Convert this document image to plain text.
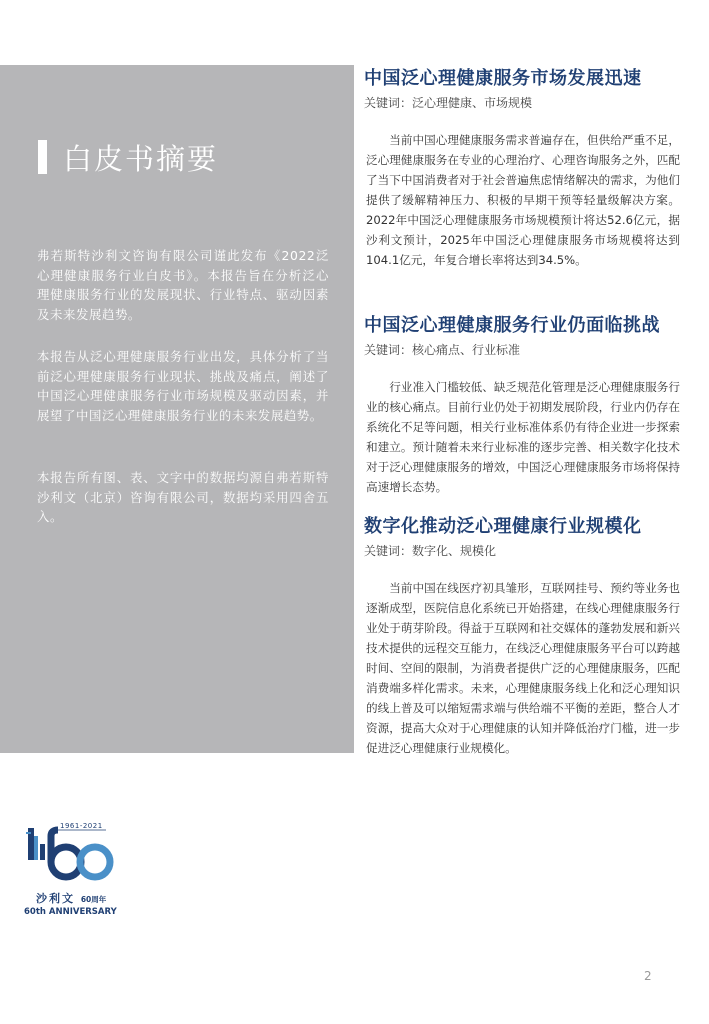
白皮书摘要
弗若斯特沙利文咨询有限公司谨此发布《2022泛心理健康服务行业白皮书》。本报告旨在分析泛心理健康服务行业的发展现状、行业特点、驱动因素及未来发展趋势。
本报告从泛心理健康服务行业出发，具体分析了当前泛心理健康服务行业现状、挑战及痛点，阐述了中国泛心理健康服务行业市场规模及驱动因素，并展望了中国泛心理健康服务行业的未来发展趋势。
本报告所有图、表、文字中的数据均源自弗若斯特沙利文（北京）咨询有限公司，数据均采用四舍五入。
中国泛心理健康服务市场发展迅速
关键词：泛心理健康、市场规模
当前中国心理健康服务需求普遍存在，但供给严重不足，泛心理健康服务在专业的心理治疗、心理咨询服务之外，匹配了当下中国消费者对于社会普遍焦虑情绪解决的需求，为他们提供了缓解精神压力、积极的早期干预等轻量级解决方案。2022年中国泛心理健康服务市场规模预计将达52.6亿元，据沙利文预计，2025年中国泛心理健康服务市场规模将达到104.1亿元，年复合增长率将达到34.5%。
中国泛心理健康服务行业仍面临挑战
关键词：核心痛点、行业标准
行业准入门槛较低、缺乏规范化管理是泛心理健康服务行业的核心痛点。目前行业仍处于初期发展阶段，行业内仍存在系统化不足等问题，相关行业标准体系仍有待企业进一步探索和建立。预计随着未来行业标准的逐步完善、相关数字化技术对于泛心理健康服务的增效，中国泛心理健康服务市场将保持高速增长态势。
数字化推动泛心理健康行业规模化
关键词：数字化、规模化
当前中国在线医疗初具雏形，互联网挂号、预约等业务也逐渐成型，医院信息化系统已开始搭建，在线心理健康服务行业处于萌芽阶段。得益于互联网和社交媒体的蓬勃发展和新兴技术提供的远程交互能力，在线泛心理健康服务平台可以跨越时间、空间的限制，为消费者提供广泛的心理健康服务，匹配消费端多样化需求。未来，心理健康服务线上化和泛心理知识的线上普及可以缩短需求端与供给端不平衡的差距，整合人才资源，提高大众对于心理健康的认知并降低治疗门槛，进一步促进泛心理健康行业规模化。
1961-2021
沙利文 60周年
60th ANNIVERSARY
2
